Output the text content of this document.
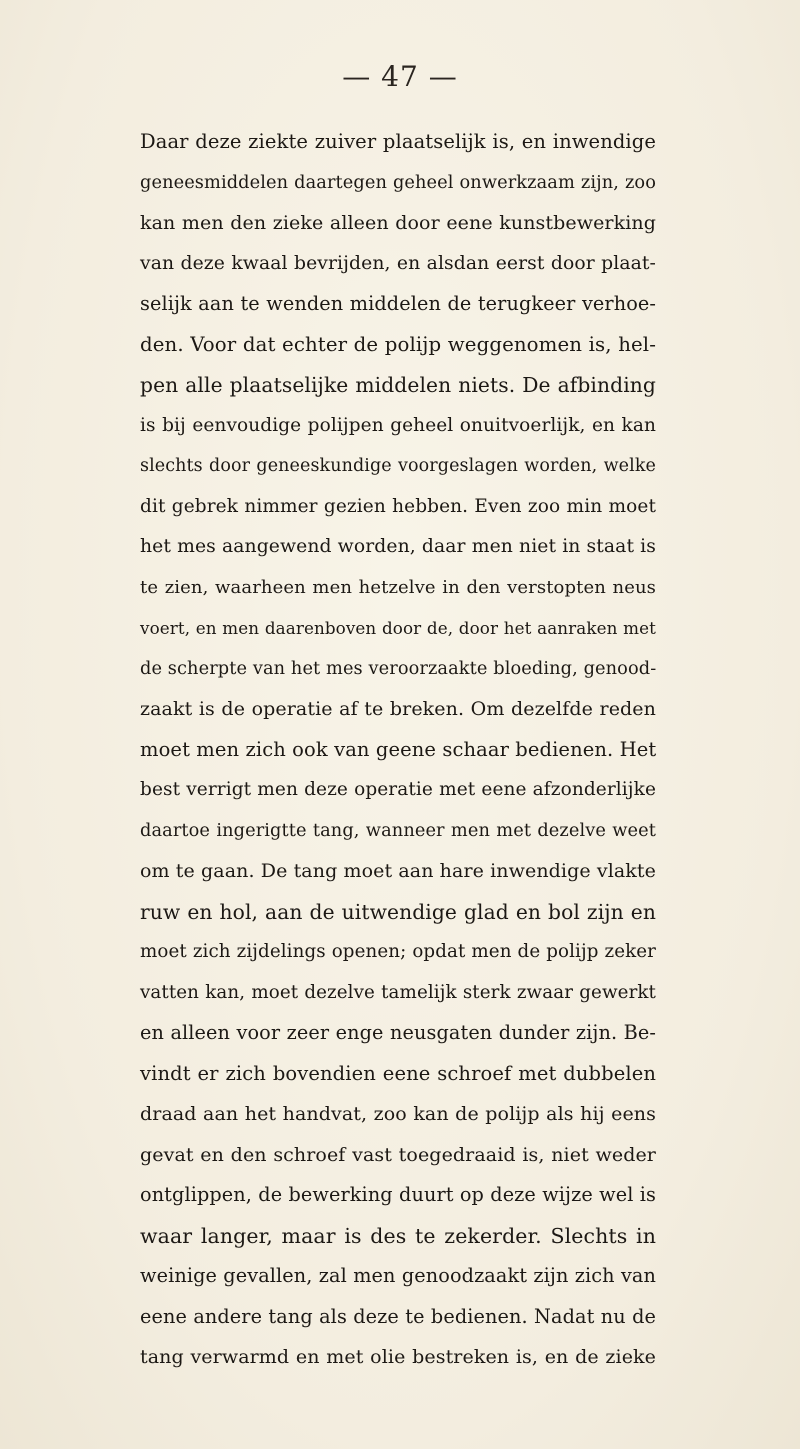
— 47 —
Daar deze ziekte zuiver plaatselijk is, en inwendige
geneesmiddelen daartegen geheel onwerkzaam zijn, zoo
kan men den zieke alleen door eene kunstbewerking
van deze kwaal bevrijden, en alsdan eerst door plaat-
selijk aan te wenden middelen de terugkeer verhoe-
den. Voor dat echter de polijp weggenomen is, hel-
pen alle plaatselijke middelen niets. De afbinding
is bij eenvoudige polijpen geheel onuitvoerlijk, en kan
slechts door geneeskundige voorgeslagen worden, welke
dit gebrek nimmer gezien hebben. Even zoo min moet
het mes aangewend worden, daar men niet in staat is
te zien, waarheen men hetzelve in den verstopten neus
voert, en men daarenboven door de, door het aanraken met
de scherpte van het mes veroorzaakte bloeding, genood-
zaakt is de operatie af te breken. Om dezelfde reden
moet men zich ook van geene schaar bedienen. Het
best verrigt men deze operatie met eene afzonderlijke
daartoe ingerigtte tang, wanneer men met dezelve weet
om te gaan. De tang moet aan hare inwendige vlakte
ruw en hol, aan de uitwendige glad en bol zijn en
moet zich zijdelings openen; opdat men de polijp zeker
vatten kan, moet dezelve tamelijk sterk zwaar gewerkt
en alleen voor zeer enge neusgaten dunder zijn. Be-
vindt er zich bovendien eene schroef met dubbelen
draad aan het handvat, zoo kan de polijp als hij eens
gevat en den schroef vast toegedraaid is, niet weder
ontglippen, de bewerking duurt op deze wijze wel is
waar langer, maar is des te zekerder. Slechts in
weinige gevallen, zal men genoodzaakt zijn zich van
eene andere tang als deze te bedienen. Nadat nu de
tang verwarmd en met olie bestreken is, en de zieke
